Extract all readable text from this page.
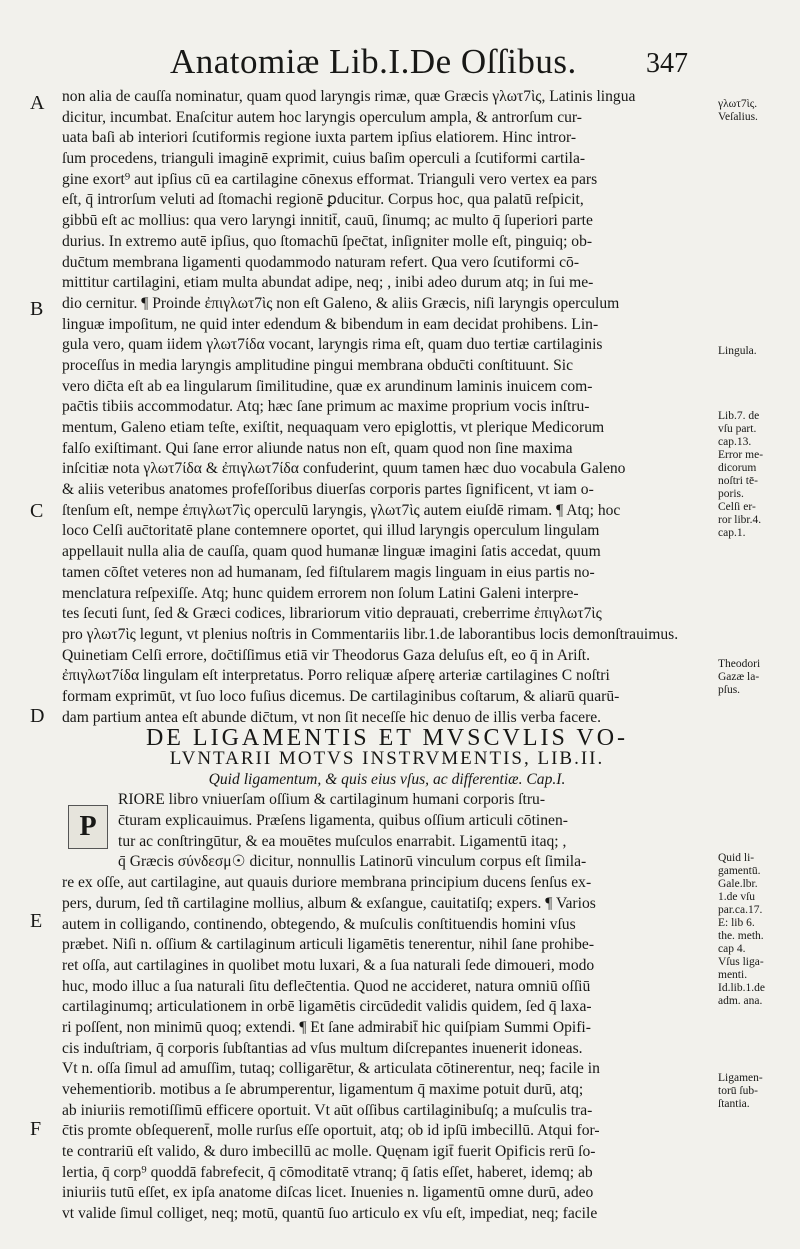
Anatomiæ Lib.I.De Oſſibus. 347
A
B
C
D
E
F
P
non alia de cauſſa nominatur, quam quod laryngis rimæ, quæ Græcis γλωτ7ὶς, Latinis lingua
dicitur, incumbat. Enaſcitur autem hoc laryngis operculum ampla, & antrorſum cur-
uata baſi ab interiori ſcutiformis regione iuxta partem ipſius elatiorem. Hinc intror-
ſum procedens, trianguli imaginē exprimit, cuius baſim operculi a ſcutiformi cartila-
gine exort⁹ aut ipſius cū ea cartilagine cōnexus efformat. Trianguli vero vertex ea pars
eſt, q̄ introrſum veluti ad ſtomachi regionē ꝑducitur. Corpus hoc, qua palatū reſpicit,
gibbū eſt ac mollius: qua vero laryngi innitit̄, cauū, ſinumq; ac multo q̄ ſuperiori parte
durius. In extremo autē ipſius, quo ſtomachū ſpec̄tat, inſigniter molle eſt, pinguiq; ob-
duc̄tum membrana ligamenti quodammodo naturam refert. Qua vero ſcutiformi cō-
mittitur cartilagini, etiam multa abundat adipe, neq; , inibi adeo durum atq; in ſui me-
dio cernitur. ¶ Proinde ἐπιγλωτ7ὶς non eſt Galeno, & aliis Græcis, niſi laryngis operculum
linguæ impoſitum, ne quid inter edendum & bibendum in eam decidat prohibens. Lin-
gula vero, quam iidem γλωτ7ίδα vocant, laryngis rima eſt, quam duo tertiæ cartilaginis
proceſſus in media laryngis amplitudine pingui membrana obduc̄ti conſtituunt. Sic
vero dic̄ta eſt ab ea lingularum ſimilitudine, quæ ex arundinum laminis inuicem com-
pac̄tis tibiis accommodatur. Atq; hæc ſane primum ac maxime proprium vocis inſtru-
mentum, Galeno etiam teſte, exiſtit, nequaquam vero epiglottis, vt plerique Medicorum
falſo exiſtimant. Qui ſane error aliunde natus non eſt, quam quod non ſine maxima
inſcitiæ nota γλωτ7ίδα & ἐπιγλωτ7ίδα confuderint, quum tamen hæc duo vocabula Galeno
& aliis veteribus anatomes profeſſoribus diuerſas corporis partes ſignificent, vt iam o-
ſtenſum eſt, nempe ἐπιγλωτ7ὶς operculū laryngis, γλωτ7ὶς autem eiuſdē rimam. ¶ Atq; hoc
loco Celſi auc̄toritatē plane contemnere oportet, qui illud laryngis operculum lingulam
appellauit nulla alia de cauſſa, quam quod humanæ linguæ imagini ſatis accedat, quum
tamen cōſtet veteres non ad humanam, ſed fiſtularem magis linguam in eius partis no-
menclatura reſpexiſſe. Atq; hunc quidem errorem non ſolum Latini Galeni interpre-
tes ſecuti ſunt, ſed & Græci codices, librariorum vitio deprauati, creberrime ἐπιγλωτ7ὶς
pro γλωτ7ὶς legunt, vt plenius noſtris in Commentariis libr.1.de laborantibus locis demonſtrauimus.
Quinetiam Celſi errore, doc̄tiſſimus etiā vir Theodorus Gaza deluſus eſt, eo q̄ in Ariſt.
ἐπιγλωτ7ίδα lingulam eſt interpretatus. Porro reliquæ aſperę arteriæ cartilagines C noſtri
formam exprimūt, vt ſuo loco fuſius dicemus. De cartilaginibus coſtarum, & aliarū quarū-
dam partium antea eſt abunde dic̄tum, vt non ſit neceſſe hic denuo de illis verba facere.
DE LIGAMENTIS ET MVSCVLIS VO-
LVNTARII MOTVS INSTRVMENTIS, LIB.II.
Quid ligamentum, & quis eius vſus, ac differentiæ. Cap.I.
RIORE libro vniuerſam oſſium & cartilaginum humani corporis ſtru-
c̄turam explicauimus. Præſens ligamenta, quibus oſſium articuli cōtinen-
tur ac conſtringūtur, & ea mouētes muſculos enarrabit. Ligamentū itaq; ,
q̄ Græcis σύνδεσμ☉ dicitur, nonnullis Latinorū vinculum corpus eſt ſimila-
re ex oſſe, aut cartilagine, aut quauis duriore membrana principium ducens ſenſus ex-
pers, durum, ſed tñ cartilagine mollius, album & exſangue, cauitatiſq; expers. ¶ Varios
autem in colligando, continendo, obtegendo, & muſculis conſtituendis homini vſus
præbet. Niſi n. oſſium & cartilaginum articuli ligamētis tenerentur, nihil ſane prohibe-
ret oſſa, aut cartilagines in quolibet motu luxari, & a ſua naturali ſede dimoueri, modo
huc, modo illuc a ſua naturali ſitu deflec̄tentia. Quod ne accideret, natura omniū oſſiū
cartilaginumq; articulationem in orbē ligamētis circūdedit validis quidem, ſed q̄ laxa-
ri poſſent, non minimū quoq; extendi. ¶ Et ſane admirabit̄ hic quiſpiam Summi Opifi-
cis induſtriam, q̄ corporis ſubſtantias ad vſus multum diſcrepantes inuenerit idoneas.
Vt n. oſſa ſimul ad amuſſim, tutaq; colligarētur, & articulata cōtinerentur, neq; facile in
vehementiorib. motibus a ſe abrumperentur, ligamentum q̄ maxime potuit durū, atq;
ab iniuriis remotiſſimū efficere oportuit. Vt aūt oſſibus cartilaginibuſq; a muſculis tra-
c̄tis promte obſequerent̄, molle rurſus eſſe oportuit, atq; ob id ipſū imbecillū. Atqui for-
te contrariū eſt valido, & duro imbecillū ac molle. Quęnam igit̄ fuerit Opificis rerū ſo-
lertia, q̄ corp⁹ quoddā fabrefecit, q̄ cōmoditatē vtranq; q̄ ſatis eſſet, haberet, idemq; ab
iniuriis tutū eſſet, ex ipſa anatome diſcas licet. Inuenies n. ligamentū omne durū, adeo
vt valide ſimul colliget, neq; motū, quantū ſuo articulo ex vſu eſt, impediat, neq; facile
γλωτ7ὶς.
Veſalius.
Lingula.
Lib.7. de
vſu part.
cap.13.
Error me-
dicorum
noſtri tē-
poris.
Celſi er-
ror libr.4.
cap.1.
Theodori
Gazæ la-
pſus.
Quid li-
gamentū.
Gale.lbr.
1.de vſu
par.ca.17.
E: lib 6.
the. meth.
cap 4.
Vſus liga-
menti.
Id.lib.1.de
adm. ana.
Ligamen-
torū ſub-
ſtantia.
